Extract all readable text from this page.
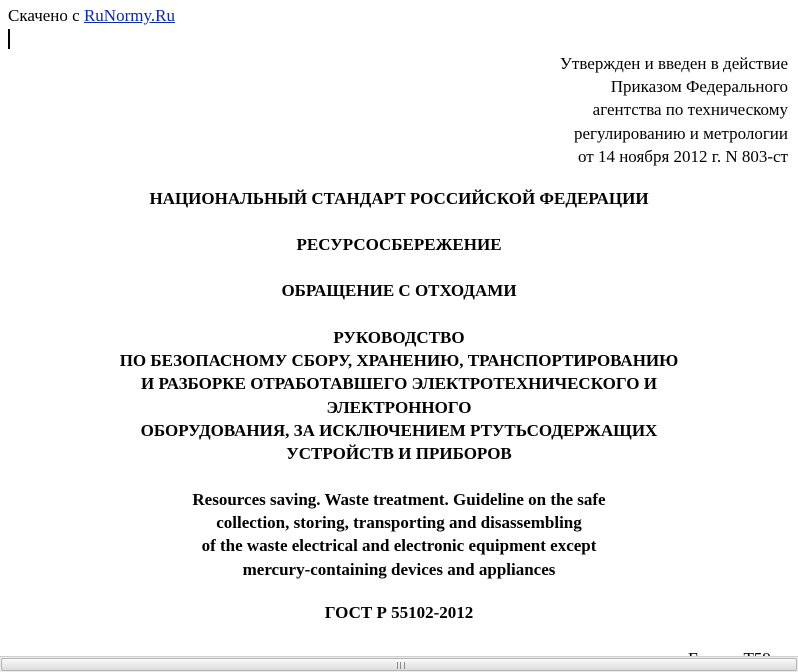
Скачено с RuNormy.Ru
Утвержден и введен в действие
Приказом Федерального
агентства по техническому
регулированию и метрологии
от 14 ноября 2012 г. N 803-ст
НАЦИОНАЛЬНЫЙ СТАНДАРТ РОССИЙСКОЙ ФЕДЕРАЦИИ
РЕСУРСОСБЕРЕЖЕНИЕ
ОБРАЩЕНИЕ С ОТХОДАМИ
РУКОВОДСТВО
ПО БЕЗОПАСНОМУ СБОРУ, ХРАНЕНИЮ, ТРАНСПОРТИРОВАНИЮ
И РАЗБОРКЕ ОТРАБОТАВШЕГО ЭЛЕКТРОТЕХНИЧЕСКОГО И
ЭЛЕКТРОННОГО
ОБОРУДОВАНИЯ, ЗА ИСКЛЮЧЕНИЕМ РТУТЬСОДЕРЖАЩИХ
УСТРОЙСТВ И ПРИБОРОВ
Resources saving. Waste treatment. Guideline on the safe
collection, storing, transporting and disassembling
of the waste electrical and electronic equipment except
mercury-containing devices and appliances
ГОСТ Р 55102-2012
